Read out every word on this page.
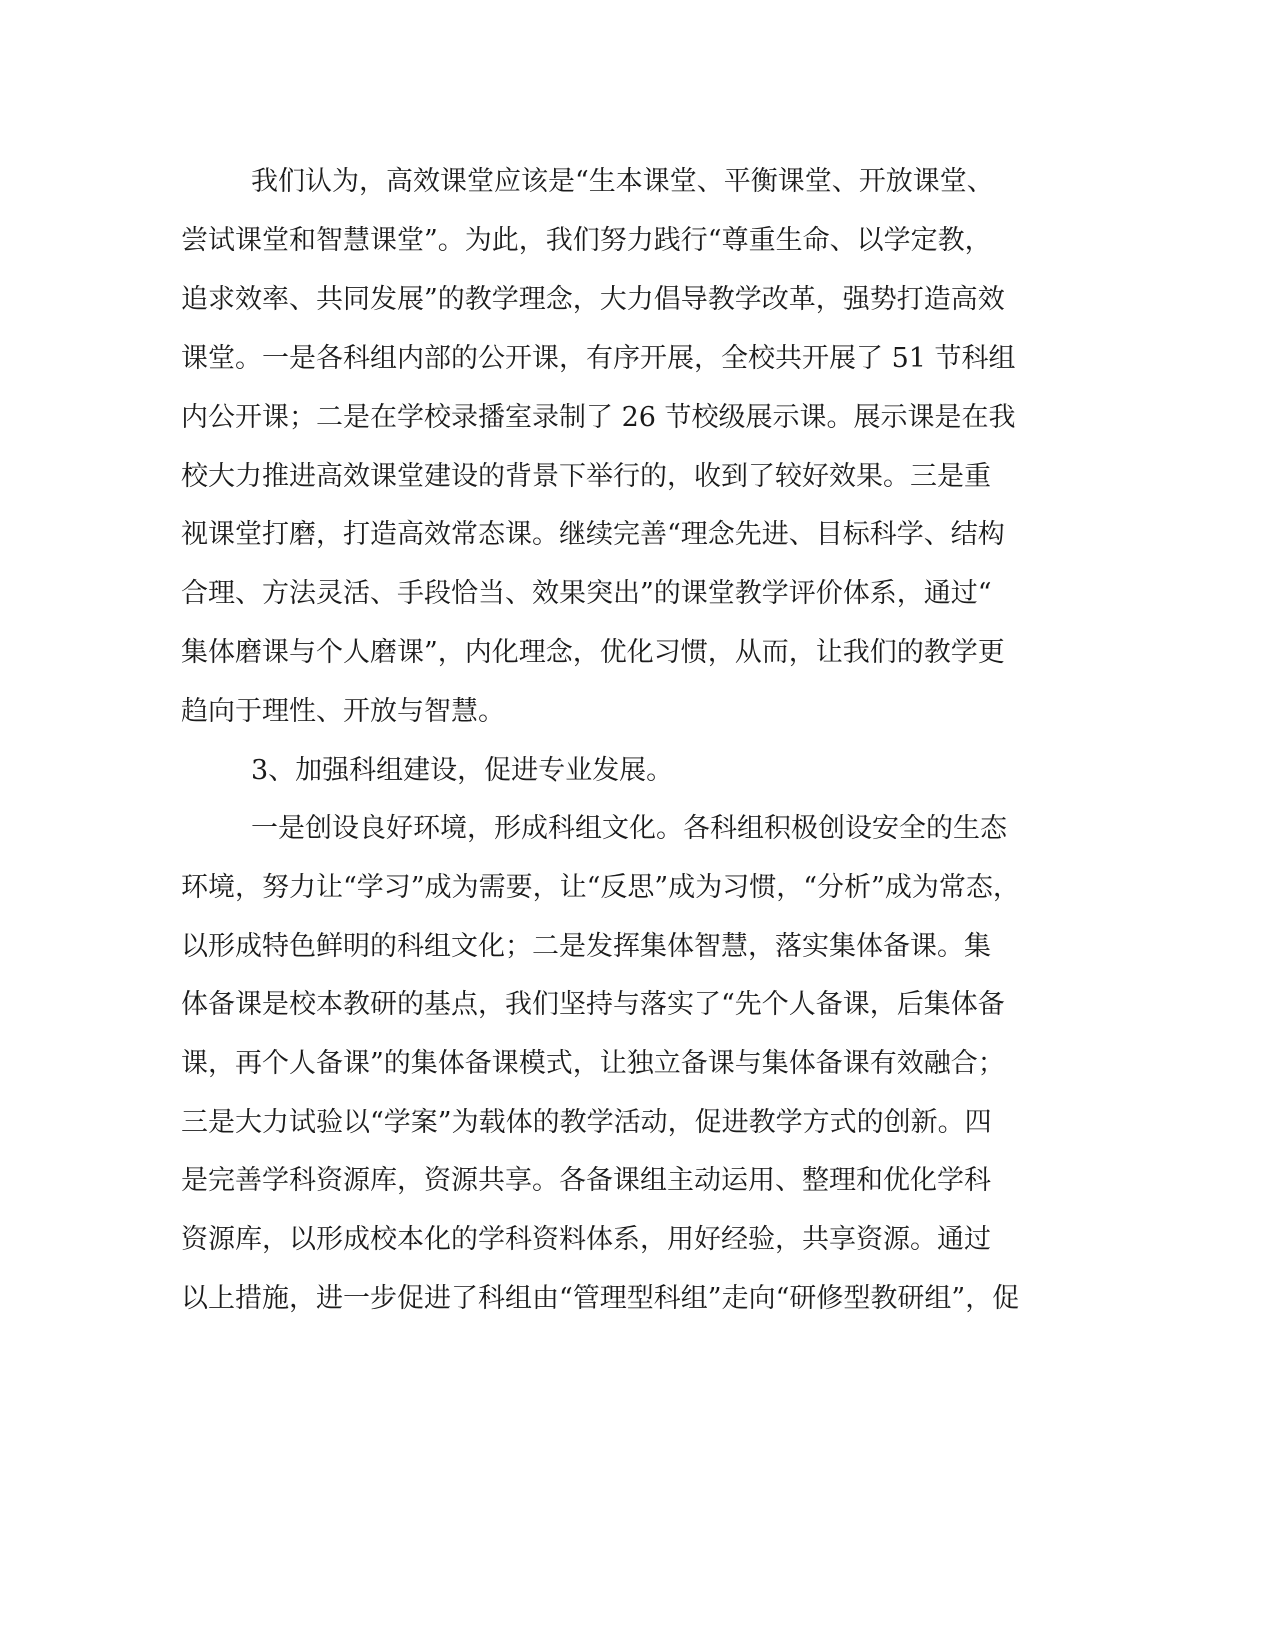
我们认为，高效课堂应该是“生本课堂、平衡课堂、开放课堂、
尝试课堂和智慧课堂”。为此，我们努力践行“尊重生命、以学定教，
追求效率、共同发展”的教学理念，大力倡导教学改革，强势打造高效
课堂。一是各科组内部的公开课，有序开展，全校共开展了 51 节科组
内公开课；二是在学校录播室录制了 26 节校级展示课。展示课是在我
校大力推进高效课堂建设的背景下举行的，收到了较好效果。三是重
视课堂打磨，打造高效常态课。继续完善“理念先进、目标科学、结构
合理、方法灵活、手段恰当、效果突出”的课堂教学评价体系，通过“
集体磨课与个人磨课”，内化理念，优化习惯，从而，让我们的教学更
趋向于理性、开放与智慧。
3、加强科组建设，促进专业发展。
一是创设良好环境，形成科组文化。各科组积极创设安全的生态
环境，努力让“学习”成为需要，让“反思”成为习惯，“分析”成为常态，
以形成特色鲜明的科组文化；二是发挥集体智慧，落实集体备课。集
体备课是校本教研的基点，我们坚持与落实了“先个人备课，后集体备
课，再个人备课”的集体备课模式，让独立备课与集体备课有效融合；
三是大力试验以“学案”为载体的教学活动，促进教学方式的创新。四
是完善学科资源库，资源共享。各备课组主动运用、整理和优化学科
资源库，以形成校本化的学科资料体系，用好经验，共享资源。通过
以上措施，进一步促进了科组由“管理型科组”走向“研修型教研组”，促
